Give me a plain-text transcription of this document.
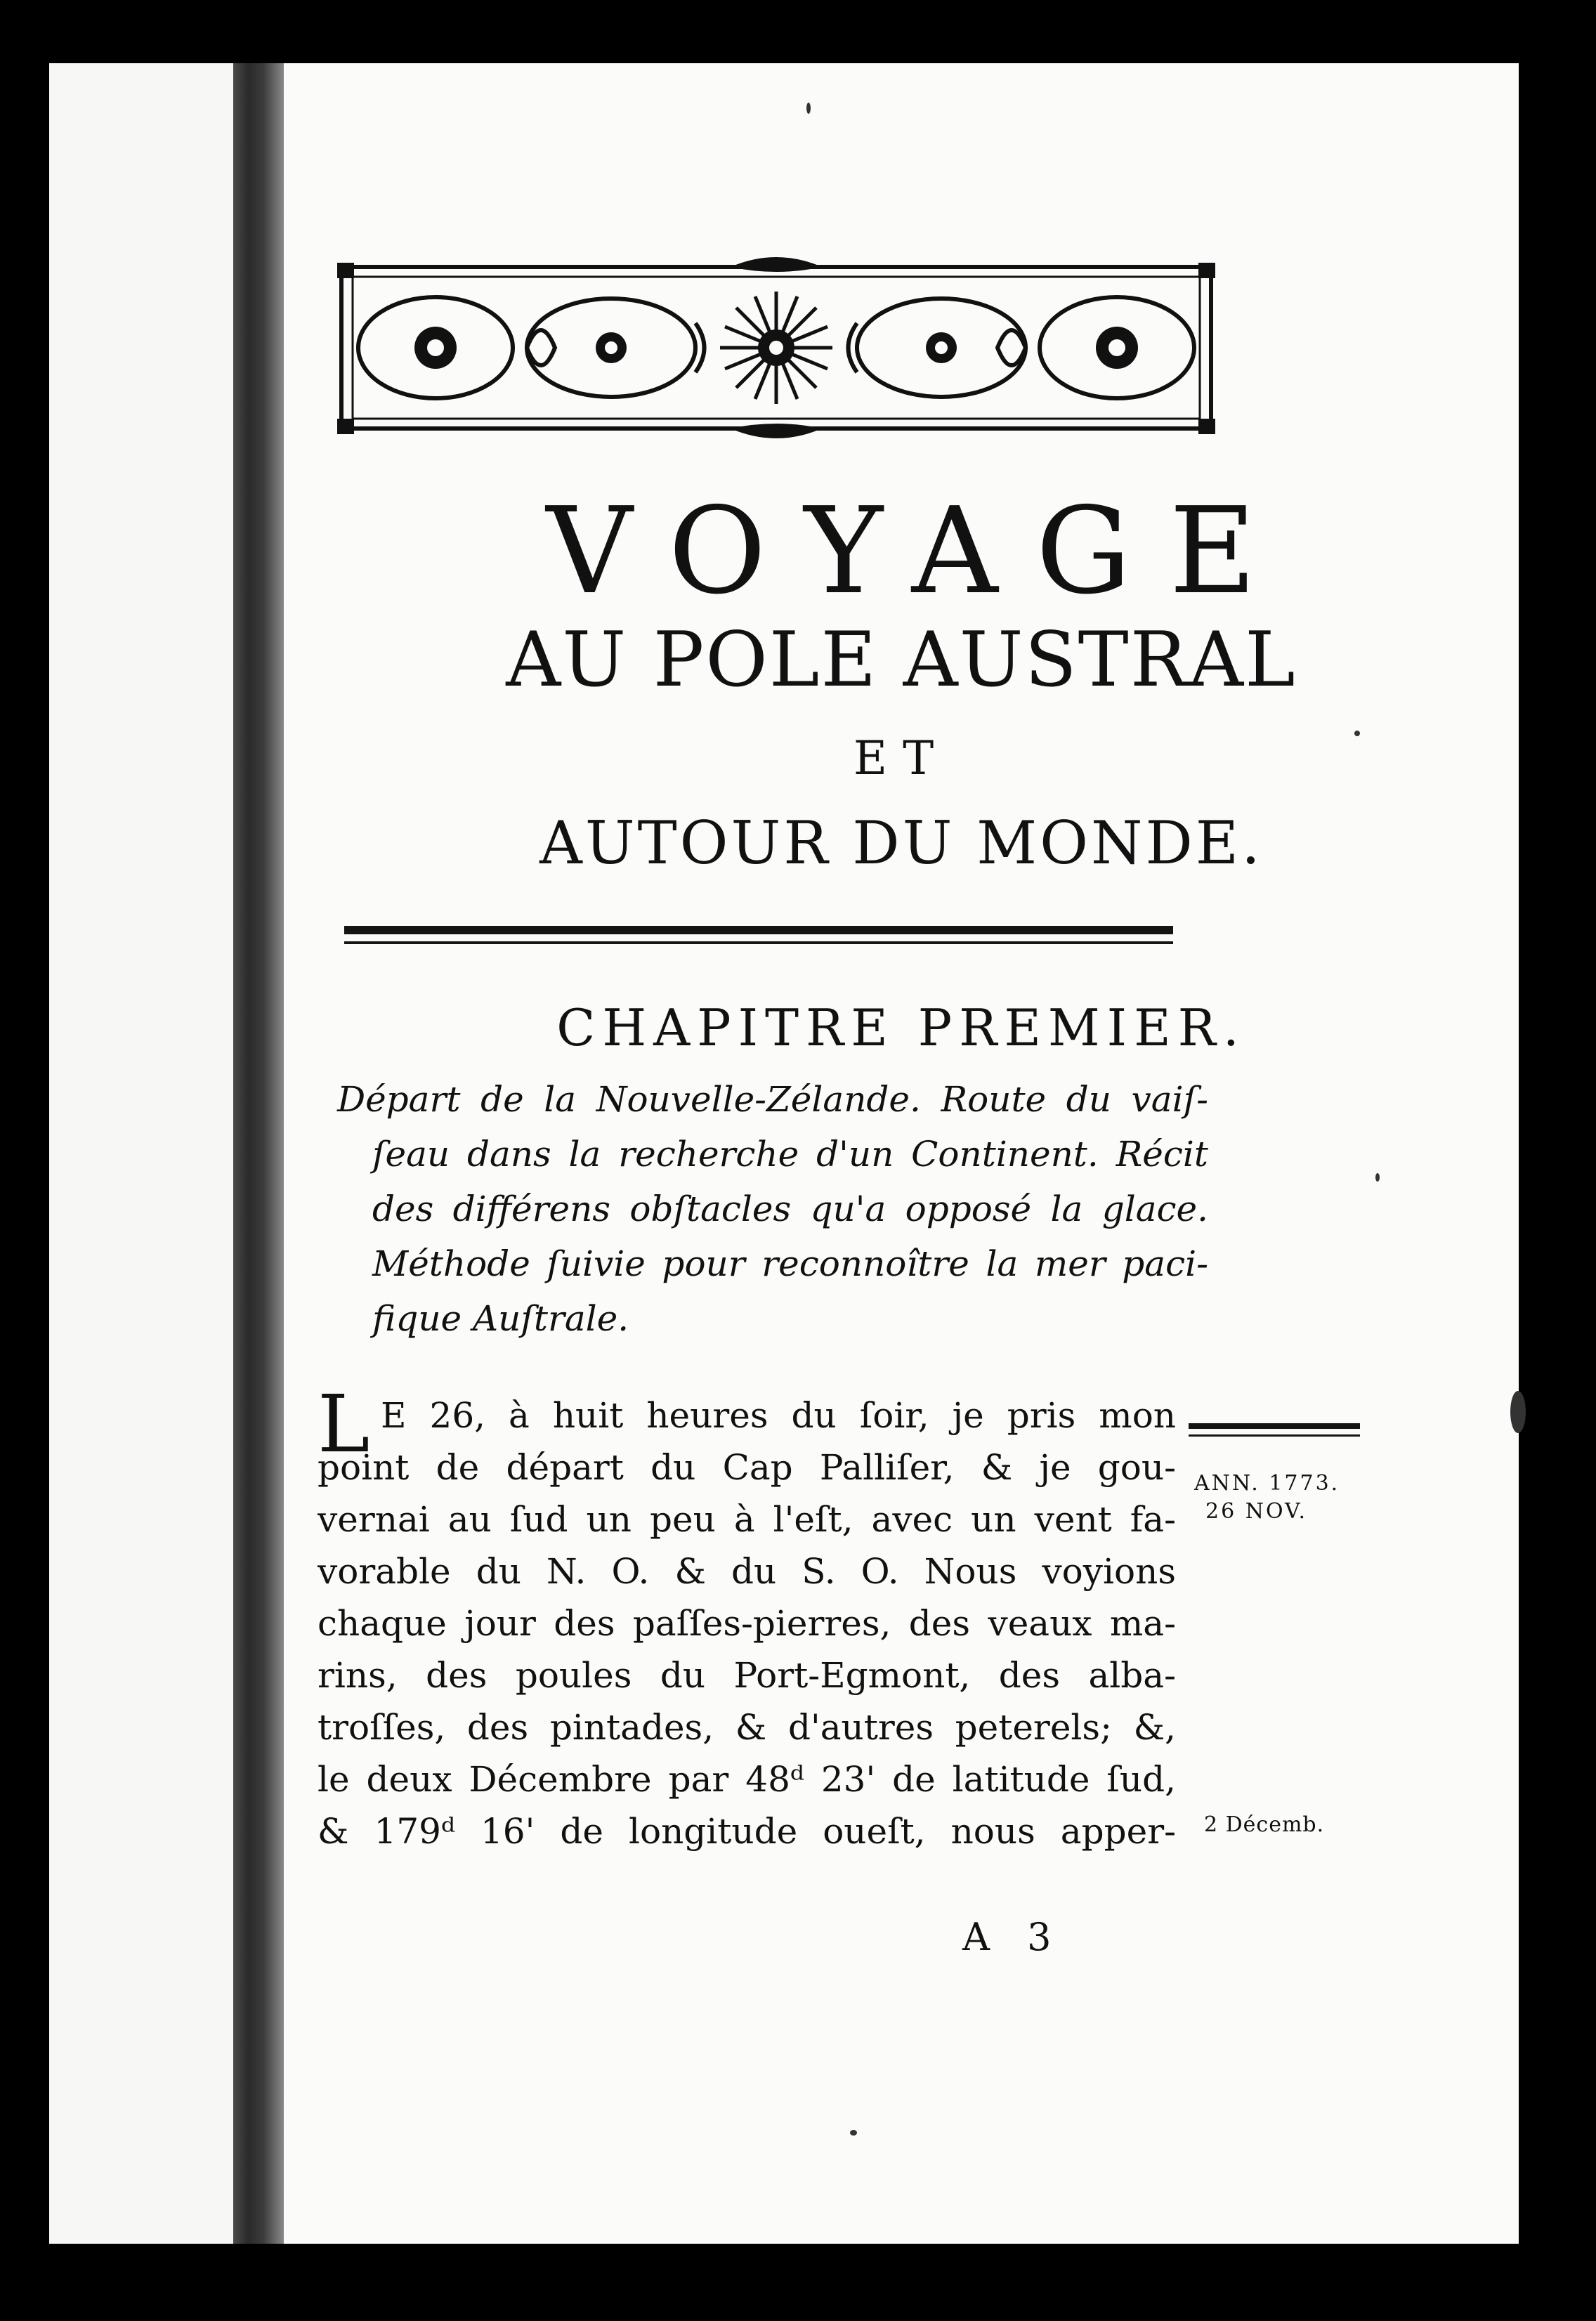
VOYAGE
AU POLE AUSTRAL
ET
AUTOUR DU MONDE.
CHAPITRE PREMIER.
Départ de la Nouvelle-Zélande. Route du vaiſ-
ſeau dans la recherche d'un Continent. Récit
des différens obſtacles qu'a opposé la glace.
Méthode ſuivie pour reconnoître la mer paci-
fique Auſtrale.
L E 26, à huit heures du ſoir, je pris mon
point de départ du Cap Palliſer, & je gou-
vernai au ſud un peu à l'eſt, avec un vent fa-
vorable du N. O. & du S. O. Nous voyions
chaque jour des paſſes-pierres, des veaux ma-
rins, des poules du Port-Egmont, des alba-
troſſes, des pintades, & d'autres peterels; &,
le deux Décembre par 48ᵈ 23' de latitude ſud,
& 179ᵈ 16' de longitude oueſt, nous apper-
ANN. 1773.
26 NOV.
2 Décemb.
A 3
